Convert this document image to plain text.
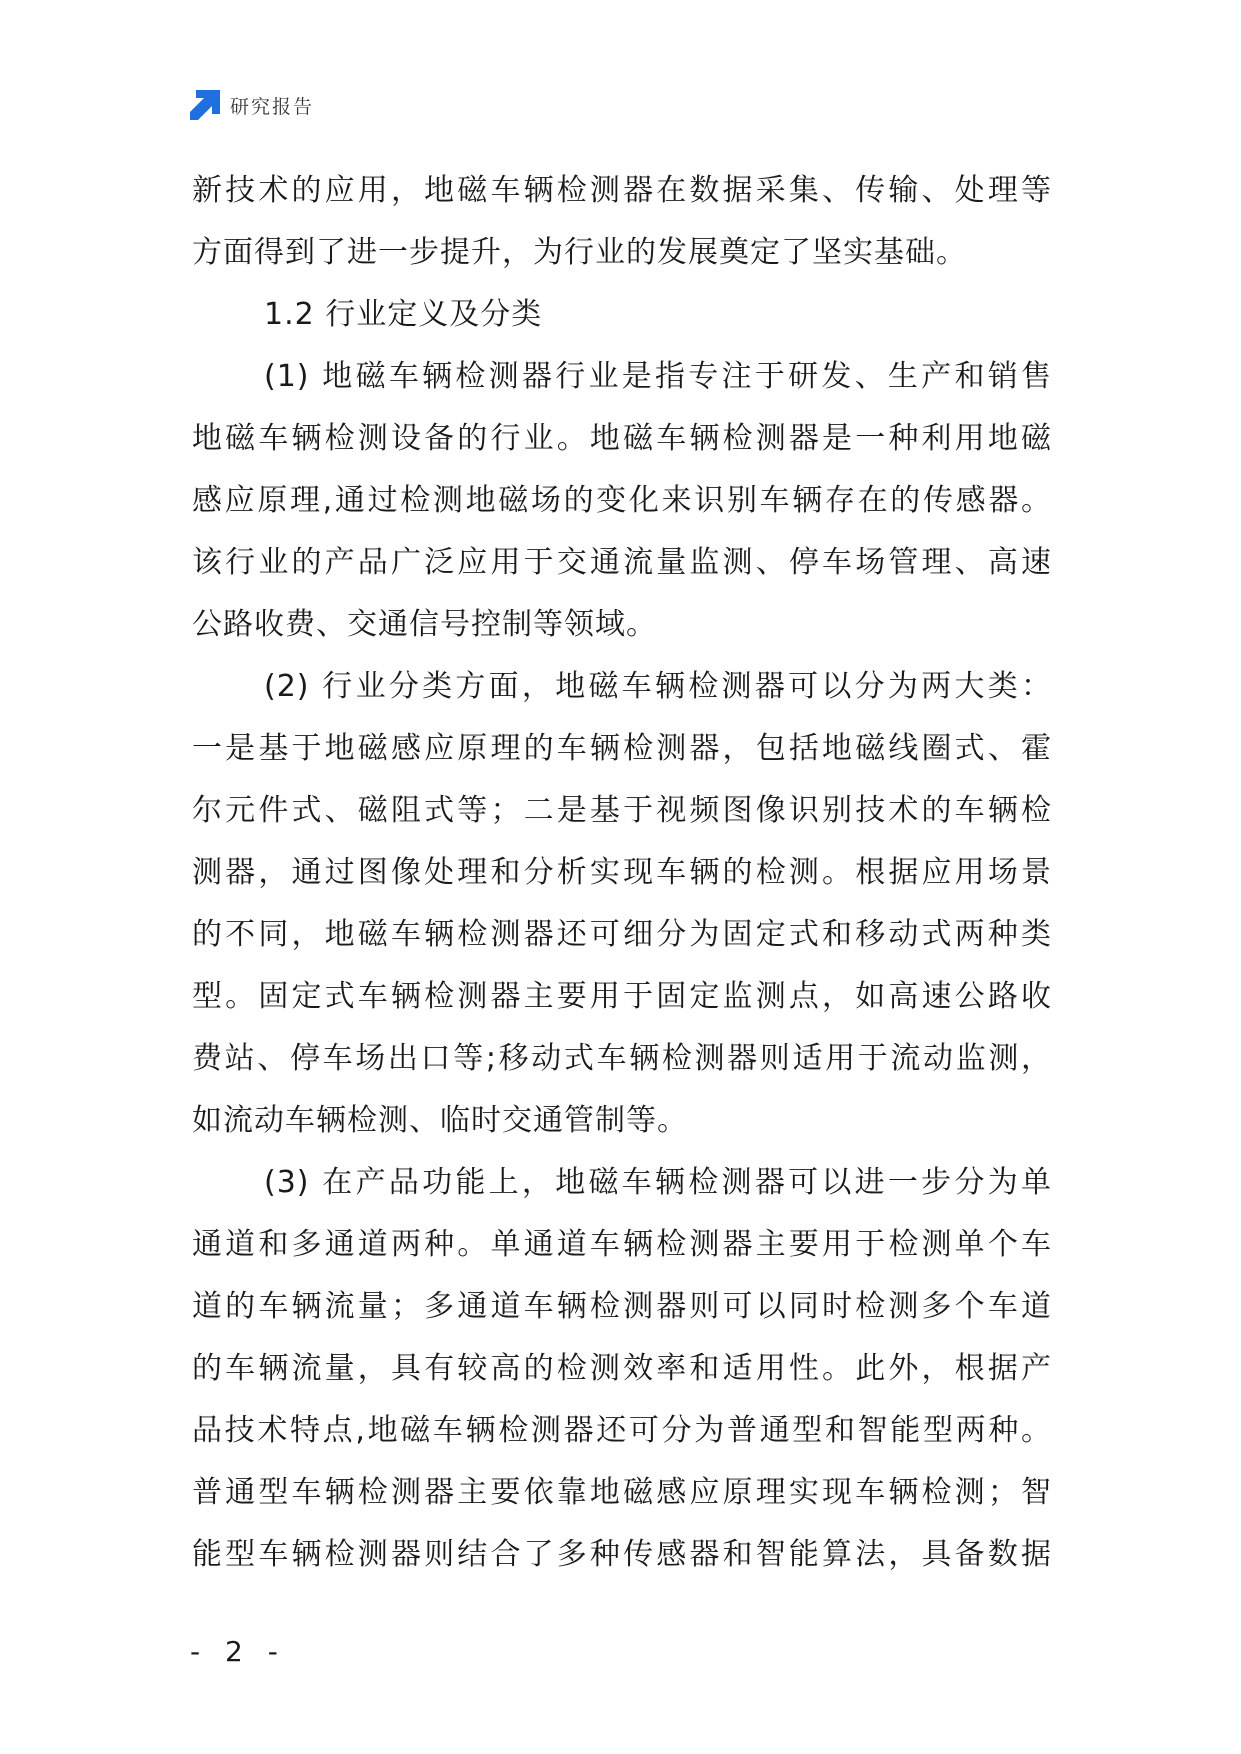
研究报告
新技术的应用，地磁车辆检测器在数据采集、传输、处理等
方面得到了进一步提升，为行业的发展奠定了坚实基础。
1.2 行业定义及分类
(1) 地磁车辆检测器行业是指专注于研发、生产和销售
地磁车辆检测设备的行业。地磁车辆检测器是一种利用地磁
感应原理,通过检测地磁场的变化来识别车辆存在的传感器。
该行业的产品广泛应用于交通流量监测、停车场管理、高速
公路收费、交通信号控制等领域。
(2) 行业分类方面，地磁车辆检测器可以分为两大类：
一是基于地磁感应原理的车辆检测器，包括地磁线圈式、霍
尔元件式、磁阻式等；二是基于视频图像识别技术的车辆检
测器，通过图像处理和分析实现车辆的检测。根据应用场景
的不同，地磁车辆检测器还可细分为固定式和移动式两种类
型。固定式车辆检测器主要用于固定监测点，如高速公路收
费站、停车场出口等;移动式车辆检测器则适用于流动监测，
如流动车辆检测、临时交通管制等。
(3) 在产品功能上，地磁车辆检测器可以进一步分为单
通道和多通道两种。单通道车辆检测器主要用于检测单个车
道的车辆流量；多通道车辆检测器则可以同时检测多个车道
的车辆流量，具有较高的检测效率和适用性。此外，根据产
品技术特点,地磁车辆检测器还可分为普通型和智能型两种。
普通型车辆检测器主要依靠地磁感应原理实现车辆检测；智
能型车辆检测器则结合了多种传感器和智能算法，具备数据
- 2 -
